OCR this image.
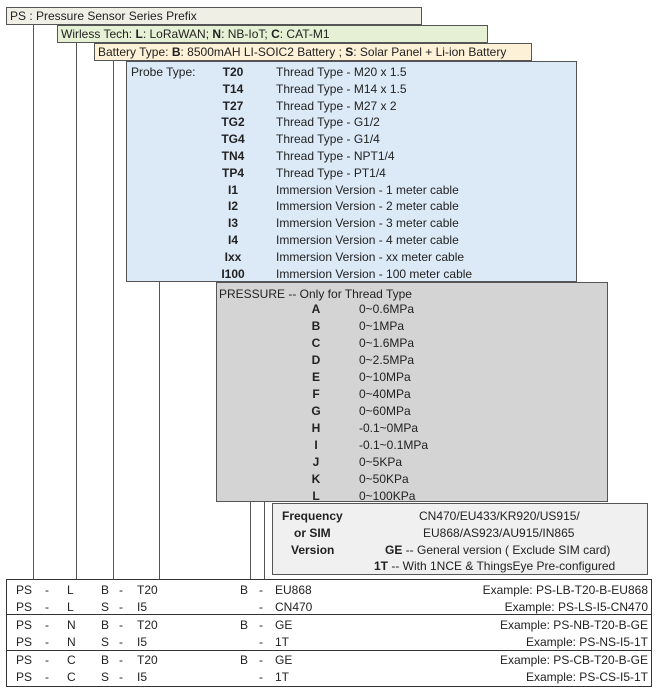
PS : Pressure Sensor Series Prefix
Wirless Tech: L: LoRaWAN; N: NB-IoT; C: CAT-M1
Battery Type: B: 8500mAH LI-SOIC2 Battery ; S: Solar Panel + Li-ion Battery
Probe Type:	T20	Thread Type - M20 x 1.5
T14	Thread Type - M14 x 1.5
T27	Thread Type - M27 x 2
TG2	Thread Type - G1/2
TG4	Thread Type - G1/4
TN4	Thread Type - NPT1/4
TP4	Thread Type - PT1/4
I1	Immersion Version - 1 meter cable
I2	Immersion Version - 2 meter cable
I3	Immersion Version - 3 meter cable
I4	Immersion Version - 4 meter cable
Ixx	Immersion Version - xx meter cable
I100	Immersion Version - 100 meter cable
PRESSURE -- Only for Thread Type
A	0~0.6MPa
B	0~1MPa
C	0~1.6MPa
D	0~2.5MPa
E	0~10MPa
F	0~40MPa
G	0~60MPa
H	-0.1~0MPa
I	-0.1~0.1MPa
J	0~5KPa
K	0~50KPa
L	0~100KPa
Frequency
or SIM
Version
CN470/EU433/KR920/US915/
EU868/AS923/AU915/IN865
GE -- General version ( Exclude SIM card)
1T -- With 1NCE & ThingsEye Pre-configured
PS - L B - T20	B - EU868	Example: PS-LB-T20-B-EU868
PS - L S - I5	- CN470	Example: PS-LS-I5-CN470
PS - N B - T20	B - GE	Example: PS-NB-T20-B-GE
PS - N S - I5	- 1T	Example: PS-NS-I5-1T
PS - C B - T20	B - GE	Example: PS-CB-T20-B-GE
PS - C S - I5	- 1T	Example: PS-CS-I5-1T
